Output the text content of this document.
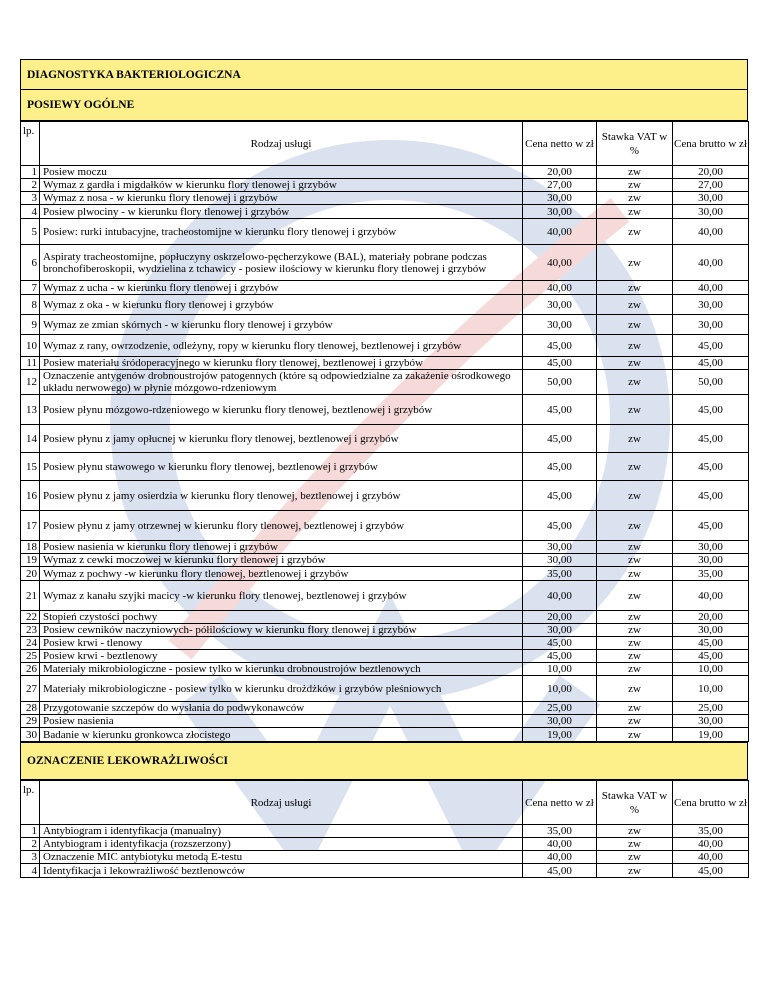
DIAGNOSTYKA BAKTERIOLOGICZNA
POSIEWY OGÓLNE
lp.	Rodzaj usługi	Cena netto w zł	Stawka VAT w %	Cena brutto w zł
1	Posiew moczu	20,00	zw	20,00
2	Wymaz z gardła i migdałków w kierunku flory tlenowej i grzybów	27,00	zw	27,00
3	Wymaz z nosa - w kierunku flory tlenowej i grzybów	30,00	zw	30,00
4	Posiew plwociny - w kierunku flory tlenowej i grzybów	30,00	zw	30,00
5	Posiew: rurki intubacyjne, tracheostomijne w kierunku flory tlenowej i grzybów	40,00	zw	40,00
6	Aspiraty tracheostomijne, popłuczyny oskrzelowo-pęcherzykowe (BAL), materiały pobrane podczas bronchofiberoskopii, wydzielina z tchawicy - posiew ilościowy w kierunku flory tlenowej i grzybów	40,00	zw	40,00
7	Wymaz z ucha - w kierunku flory tlenowej i grzybów	40,00	zw	40,00
8	Wymaz z oka - w kierunku flory tlenowej i grzybów	30,00	zw	30,00
9	Wymaz ze zmian skórnych - w kierunku flory tlenowej i grzybów	30,00	zw	30,00
10	Wymaz z rany, owrzodzenie, odleżyny, ropy w kierunku flory tlenowej, beztlenowej i grzybów	45,00	zw	45,00
11	Posiew materiału śródoperacyjnego w kierunku flory tlenowej, beztlenowej i grzybów	45,00	zw	45,00
12	Oznaczenie antygenów drobnoustrojów patogennych (które są odpowiedzialne za zakażenie ośrodkowego układu nerwowego) w płynie mózgowo-rdzeniowym	50,00	zw	50,00
13	Posiew płynu mózgowo-rdzeniowego w kierunku flory tlenowej, beztlenowej i grzybów	45,00	zw	45,00
14	Posiew płynu z jamy opłucnej w kierunku flory tlenowej, beztlenowej i grzybów	45,00	zw	45,00
15	Posiew płynu stawowego w kierunku flory tlenowej, beztlenowej i grzybów	45,00	zw	45,00
16	Posiew płynu z jamy osierdzia w kierunku flory tlenowej, beztlenowej i grzybów	45,00	zw	45,00
17	Posiew płynu z jamy otrzewnej w kierunku flory tlenowej, beztlenowej i grzybów	45,00	zw	45,00
18	Posiew nasienia w kierunku flory tlenowej i grzybów	30,00	zw	30,00
19	Wymaz z cewki moczowej w kierunku flory tlenowej i grzybów	30,00	zw	30,00
20	Wymaz z pochwy -w kierunku flory tlenowej, beztlenowej i grzybów	35,00	zw	35,00
21	Wymaz z kanału szyjki macicy -w kierunku flory tlenowej, beztlenowej i grzybów	40,00	zw	40,00
22	Stopień czystości pochwy	20,00	zw	20,00
23	Posiew cewników naczyniowych- półilościowy w kierunku flory tlenowej i grzybów	30,00	zw	30,00
24	Posiew krwi - tlenowy	45,00	zw	45,00
25	Posiew krwi - beztlenowy	45,00	zw	45,00
26	Materiały mikrobiologiczne - posiew tylko w kierunku drobnoustrojów beztlenowych	10,00	zw	10,00
27	Materiały mikrobiologiczne - posiew tylko w kierunku drożdżków i grzybów pleśniowych	10,00	zw	10,00
28	Przygotowanie szczepów do wysłania do podwykonawców	25,00	zw	25,00
29	Posiew nasienia	30,00	zw	30,00
30	Badanie w kierunku gronkowca złocistego	19,00	zw	19,00
OZNACZENIE LEKOWRAŻLIWOŚCI
lp.	Rodzaj usługi	Cena netto w zł	Stawka VAT w %	Cena brutto w zł
1	Antybiogram i identyfikacja (manualny)	35,00	zw	35,00
2	Antybiogram i identyfikacja (rozszerzony)	40,00	zw	40,00
3	Oznaczenie MIC antybiotyku metodą E-testu	40,00	zw	40,00
4	Identyfikacja i lekowrażliwość beztlenowców	45,00	zw	45,00
